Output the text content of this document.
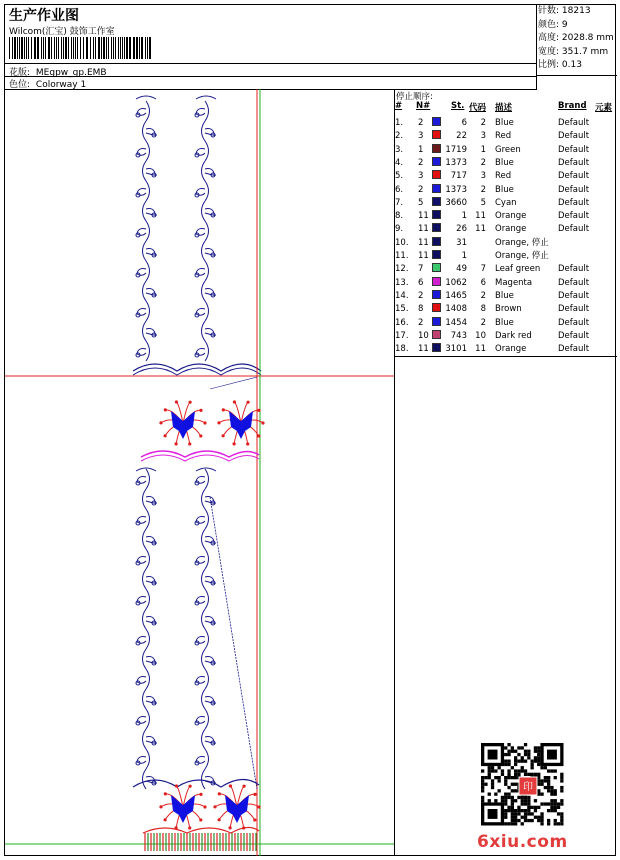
生产作业图
Wilcom(汇宝) 鼓饰工作室
花版: MEgpw_gp.EMB
色位: Colorway 1
针数: 18213
颜色: 9
高度: 2028.8 mm
宽度: 351.7 mm
比例: 0.13
停止顺序:
# N# St. 代码 描述	Brand 元素
1. 2	6	2 Blue	Default
2. 3	22	3 Red	Default
3. 1	1719	1 Green	Default
4. 2	1373	2 Blue	Default
5. 3	717	3 Red	Default
6. 2	1373	2 Blue	Default
7. 5	3660	5 Cyan	Default
8. 11	1 11 Orange	Default
9. 11	26 11 Orange	Default
10. 11	31	Orange, 停止
11. 11	1	Orange, 停止
12. 7	49	7 Leaf green Default
13. 6	1062	6 Magenta	Default
14. 2	1465	2 Blue	Default
15. 8	1408	8 Brown	Default
16. 2	1454	2 Blue	Default
17. 10	743 10 Dark red	Default
18. 11 3101 11 Orange	Default
印
6xiu.com
